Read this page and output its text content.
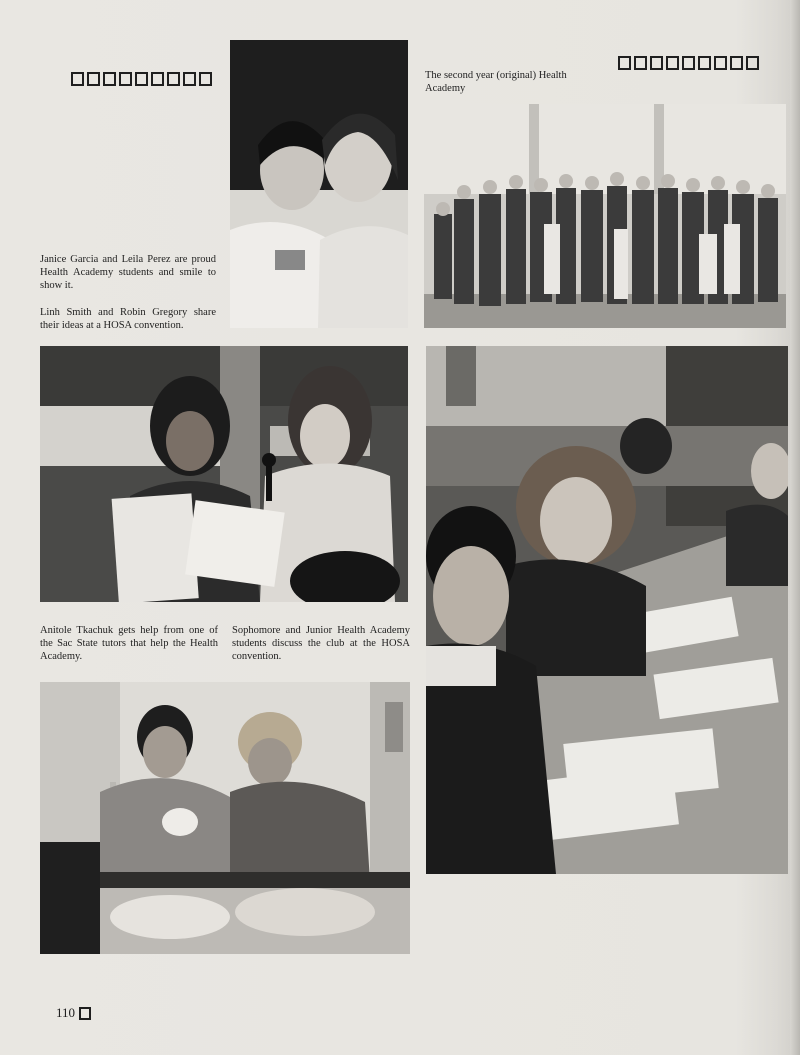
Janice Garcia and Leila Perez are proud Health Academy students and smile to show it.
Linh Smith and Robin Gregory share their ideas at a HOSA convention.
The second year (original) Health Academy
Anitole Tkachuk gets help from one of the Sac State tutors that help the Health Academy.
Sophomore and Junior Health Academy students discuss the club at the HOSA convention.
110
